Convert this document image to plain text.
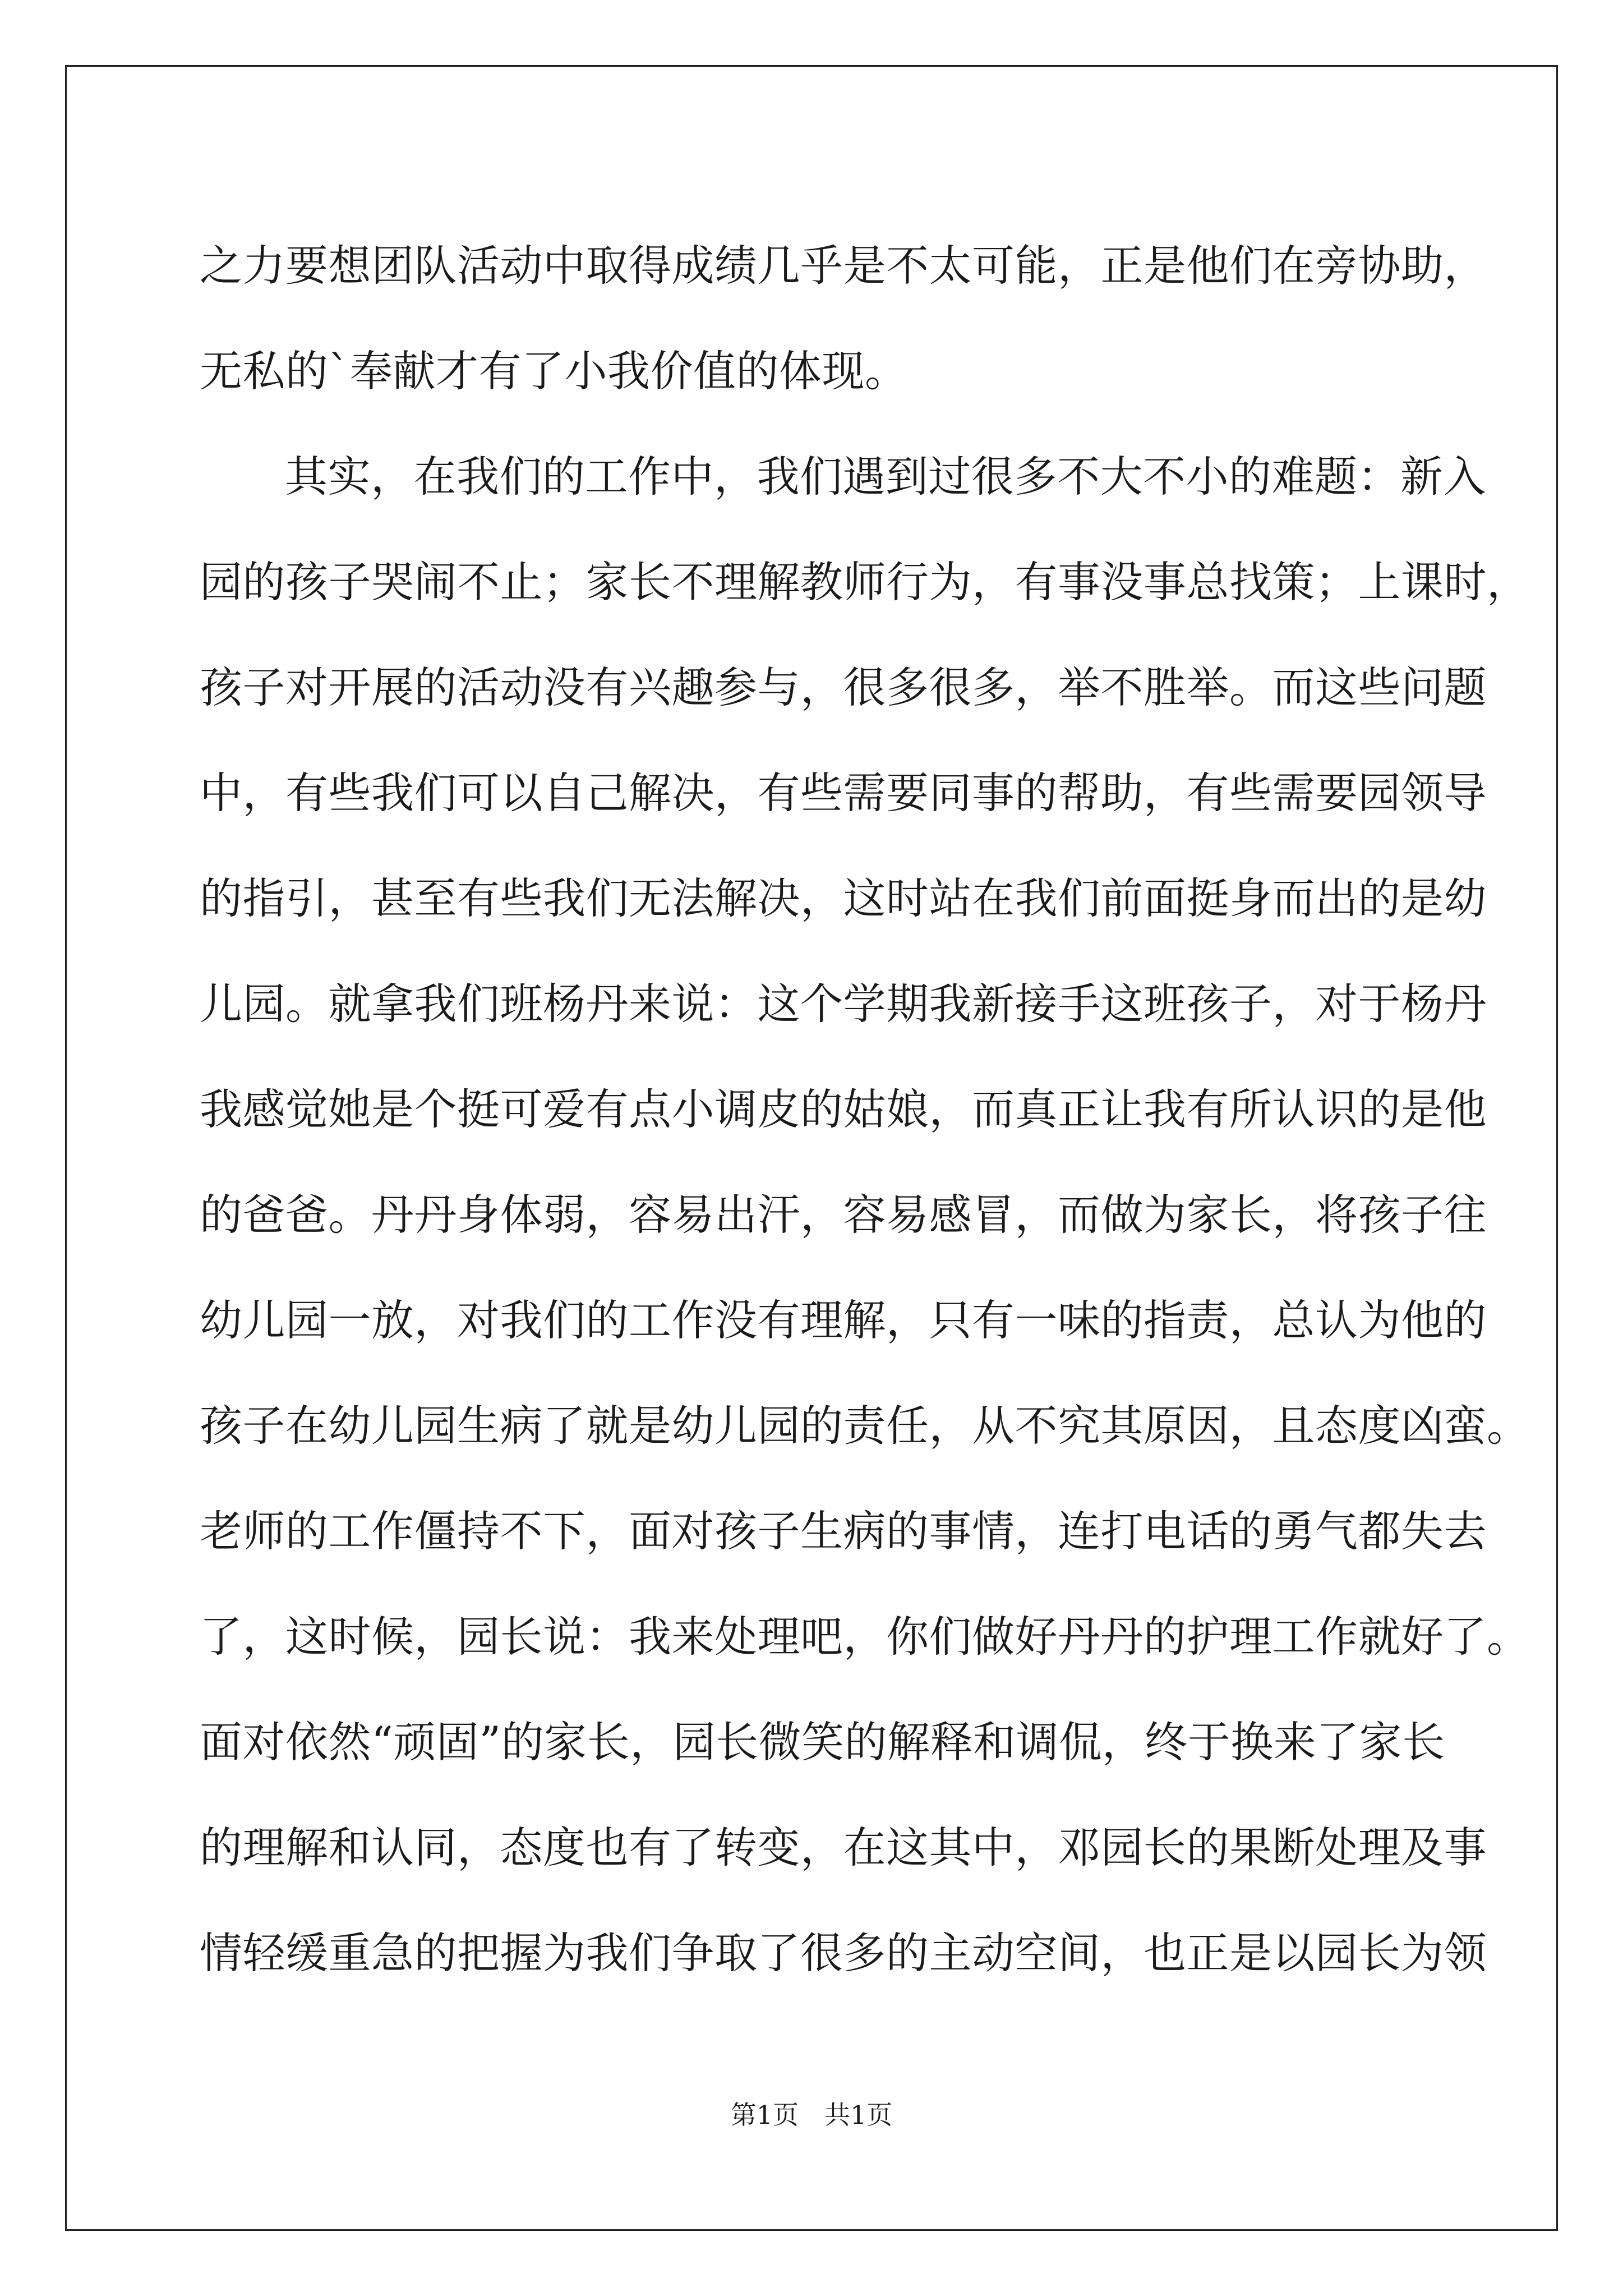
之力要想团队活动中取得成绩几乎是不太可能，正是他们在旁协助，
无私的`奉献才有了小我价值的体现。
其实，在我们的工作中，我们遇到过很多不大不小的难题：新入
园的孩子哭闹不止；家长不理解教师行为，有事没事总找策；上课时，
孩子对开展的活动没有兴趣参与，很多很多，举不胜举。而这些问题
中，有些我们可以自己解决，有些需要同事的帮助，有些需要园领导
的指引，甚至有些我们无法解决，这时站在我们前面挺身而出的是幼
儿园。就拿我们班杨丹来说：这个学期我新接手这班孩子，对于杨丹
我感觉她是个挺可爱有点小调皮的姑娘，而真正让我有所认识的是他
的爸爸。丹丹身体弱，容易出汗，容易感冒，而做为家长，将孩子往
幼儿园一放，对我们的工作没有理解，只有一味的指责，总认为他的
孩子在幼儿园生病了就是幼儿园的责任，从不究其原因，且态度凶蛮。
老师的工作僵持不下，面对孩子生病的事情，连打电话的勇气都失去
了，这时候，园长说：我来处理吧，你们做好丹丹的护理工作就好了。
面对依然“顽固”的家长，园长微笑的解释和调侃，终于换来了家长
的理解和认同，态度也有了转变，在这其中，邓园长的果断处理及事
情轻缓重急的把握为我们争取了很多的主动空间，也正是以园长为领
第1页　共1页
